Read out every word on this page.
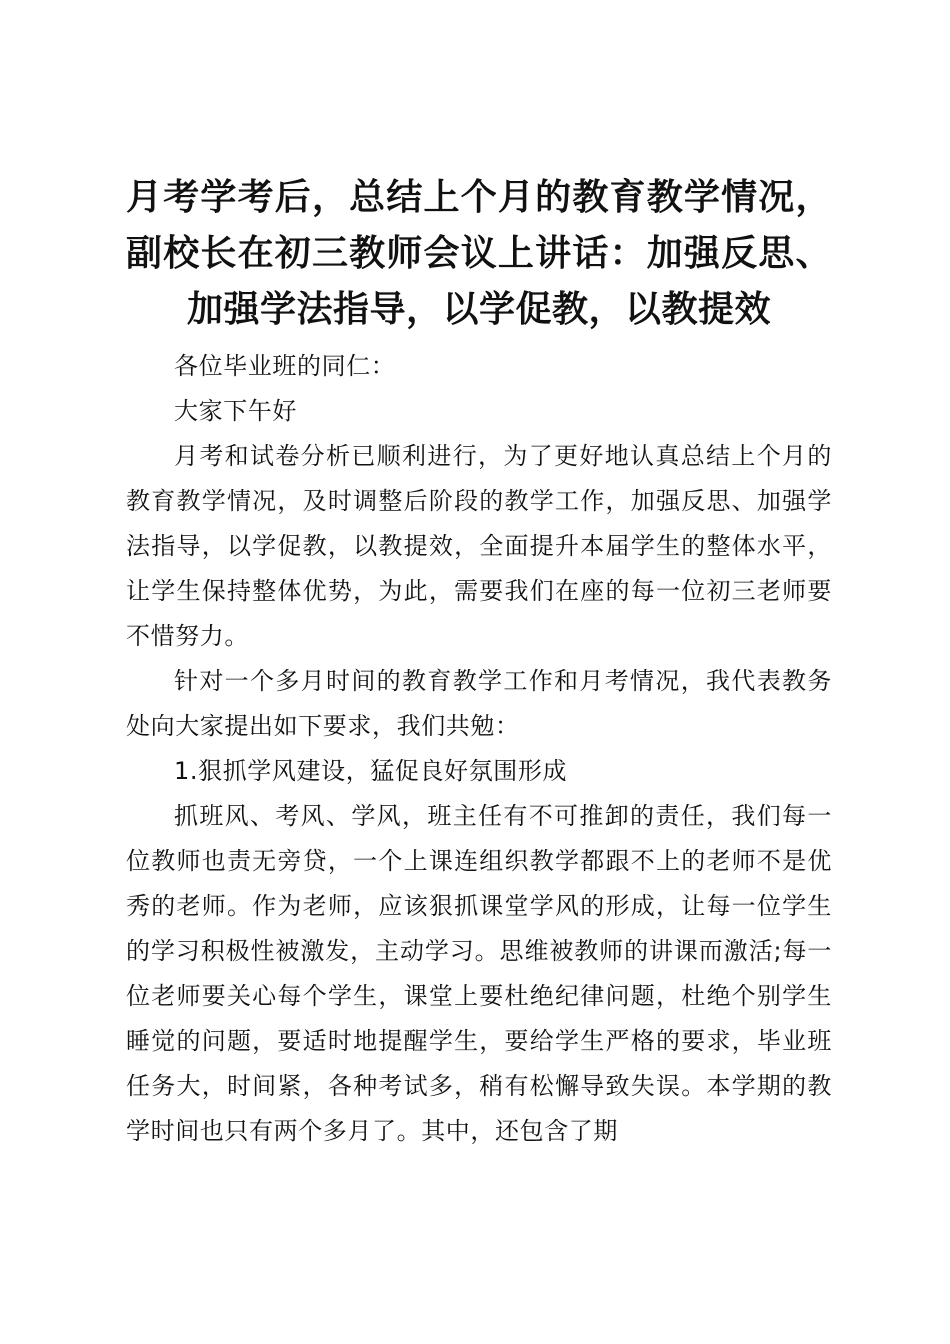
月考学考后，总结上个月的教育教学情况，副校长在初三教师会议上讲话：加强反思、加强学法指导，以学促教，以教提效

各位毕业班的同仁：

大家下午好

月考和试卷分析已顺利进行，为了更好地认真总结上个月的教育教学情况，及时调整后阶段的教学工作，加强反思、加强学法指导，以学促教，以教提效，全面提升本届学生的整体水平，让学生保持整体优势，为此，需要我们在座的每一位初三老师要不惜努力。

针对一个多月时间的教育教学工作和月考情况，我代表教务处向大家提出如下要求，我们共勉：

1.狠抓学风建设，猛促良好氛围形成

抓班风、考风、学风，班主任有不可推卸的责任，我们每一位教师也责无旁贷，一个上课连组织教学都跟不上的老师不是优秀的老师。作为老师，应该狠抓课堂学风的形成，让每一位学生的学习积极性被激发，主动学习。思维被教师的讲课而激活;每一位老师要关心每个学生，课堂上要杜绝纪律问题，杜绝个别学生睡觉的问题，要适时地提醒学生，要给学生严格的要求，毕业班任务大，时间紧，各种考试多，稍有松懈导致失误。本学期的教学时间也只有两个多月了。其中，还包含了期
